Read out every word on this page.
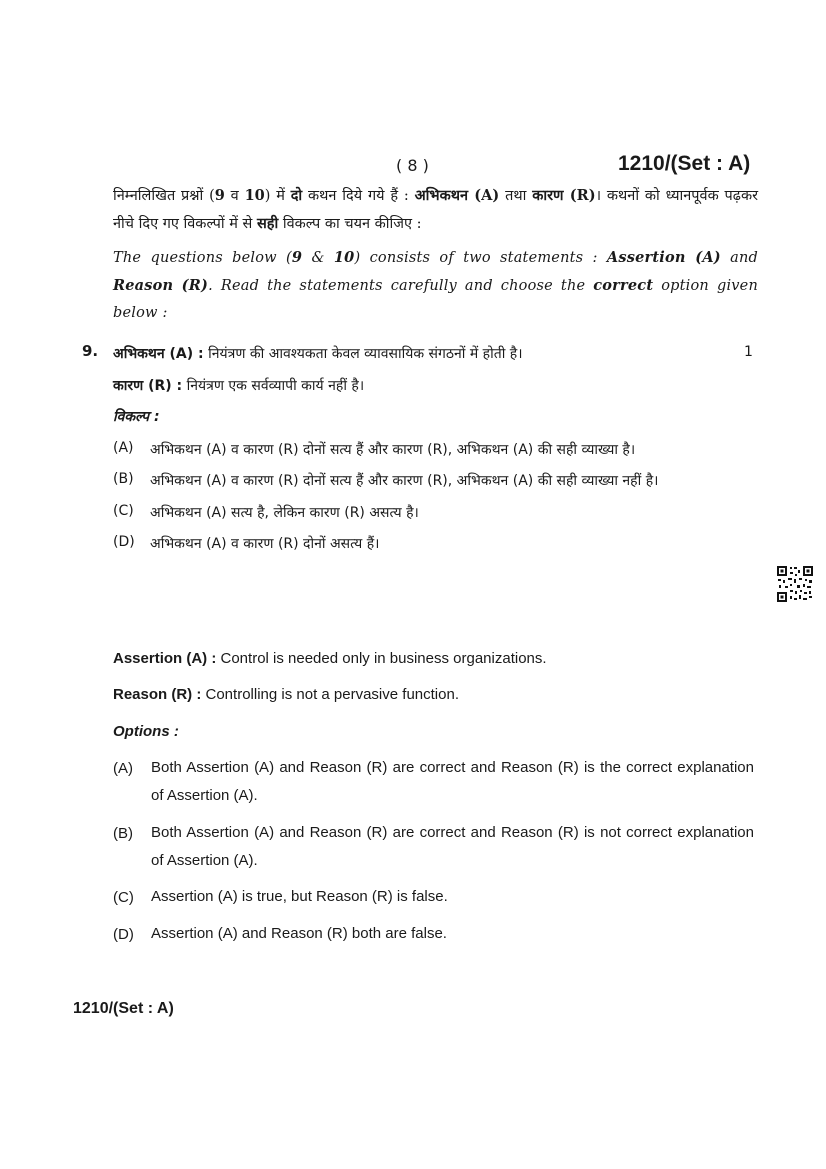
( 8 )	1210/(Set : A)
निम्नलिखित प्रश्नों (9 व 10) में दो कथन दिये गये हैं : अभिकथन (A) तथा कारण (R)। कथनों को ध्यानपूर्वक पढ़कर नीचे दिए गए विकल्पों में से सही विकल्प का चयन कीजिए :
The questions below (9 & 10) consists of two statements : Assertion (A) and Reason (R). Read the statements carefully and choose the correct option given below :
9.	1
अभिकथन (A) : नियंत्रण की आवश्यकता केवल व्यावसायिक संगठनों में होती है।
कारण (R) : नियंत्रण एक सर्वव्यापी कार्य नहीं है।
विकल्प :
(A) अभिकथन (A) व कारण (R) दोनों सत्य हैं और कारण (R), अभिकथन (A) की सही व्याख्या है।
(B) अभिकथन (A) व कारण (R) दोनों सत्य हैं और कारण (R), अभिकथन (A) की सही व्याख्या नहीं है।
(C) अभिकथन (A) सत्य है, लेकिन कारण (R) असत्य है।
(D) अभिकथन (A) व कारण (R) दोनों असत्य हैं।
Assertion (A) : Control is needed only in business organizations.
Reason (R) : Controlling is not a pervasive function.
Options :
(A) Both Assertion (A) and Reason (R) are correct and Reason (R) is the correct explanation of Assertion (A).
(B) Both Assertion (A) and Reason (R) are correct and Reason (R) is not correct explanation of Assertion (A).
(C) Assertion (A) is true, but Reason (R) is false.
(D) Assertion (A) and Reason (R) both are false.
1210/(Set : A)
